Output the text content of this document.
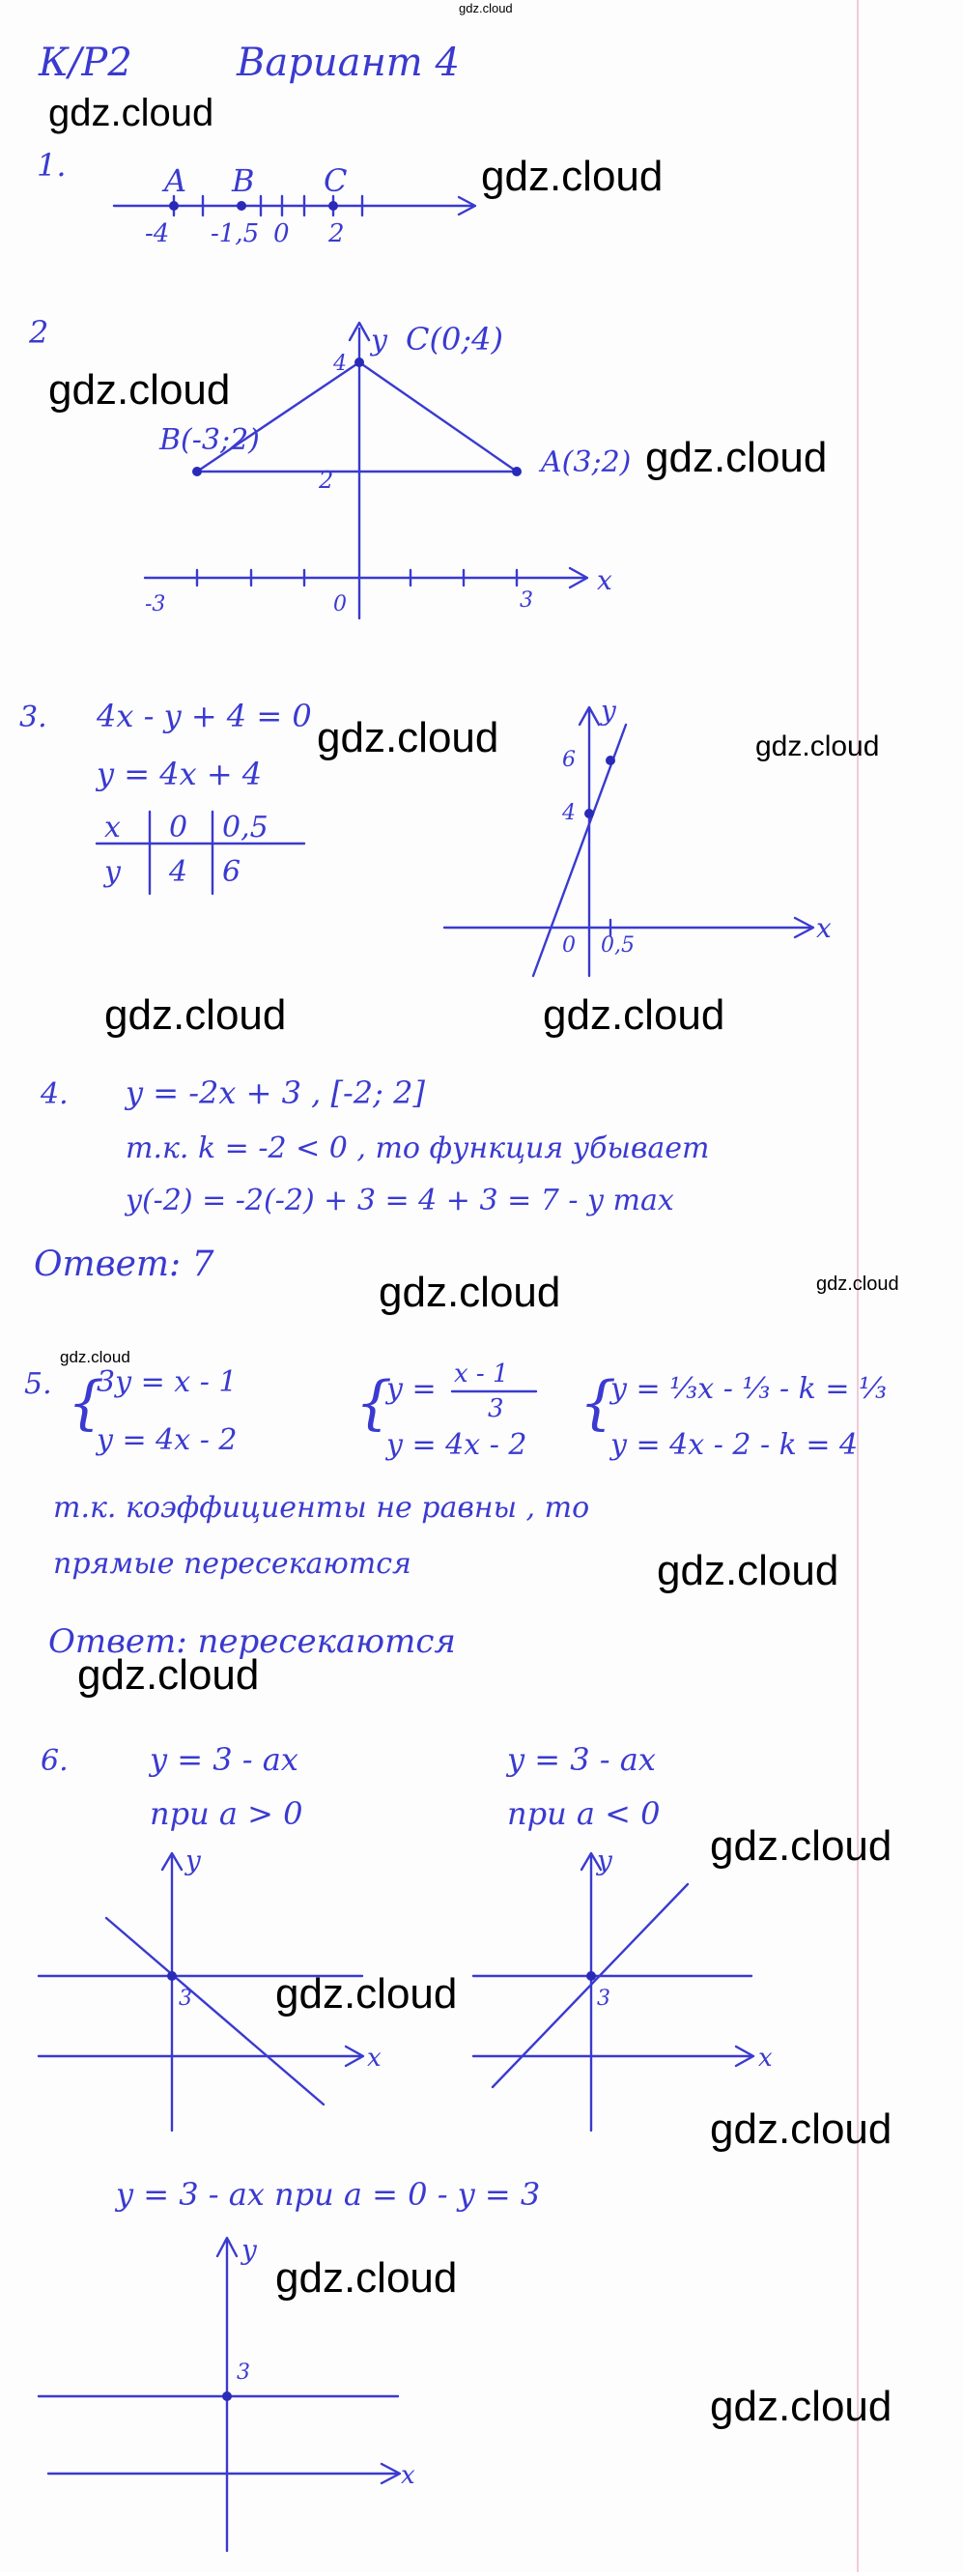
gdz.cloud
К/Р2	Вариант 4
gdz.cloud
1.	A B C
-4 -1,5 0 2
gdz.cloud
2	y C(0;4)
4
B(-3;2)
A(3;2)
2
x
-3	0	3
gdz.cloud
gdz.cloud
3. 4x - y + 4 = 0
y = 4x + 4
x 0 0,5
y 4 6
gdz.cloud
y
6
4
0 0,5
x
gdz.cloud
gdz.cloud	gdz.cloud
4. y = -2x + 3 , [-2; 2]
т.к. k = -2 < 0 , то функция убывает
y(-2) = -2(-2) + 3 = 4 + 3 = 7 - y max
Ответ: 7
gdz.cloud	gdz.cloud
gdz.cloud
5. {
3y = x - 1
y = 4x - 2
{
y = x - 1
3
y = 4x - 2
{
y = ⅓x - ⅓ - k = ⅓
y = 4x - 2 - k = 4
т.к. коэффициенты не равны , то
прямые пересекаются	gdz.cloud
Ответ: пересекаются
gdz.cloud
6.	y = 3 - ax
при a > 0
y = 3 - ax
при a < 0
y
3
x
gdz.cloud
y
3
x
gdz.cloud
gdz.cloud
y = 3 - ax при a = 0 - y = 3
y
3
x
gdz.cloud
gdz.cloud
